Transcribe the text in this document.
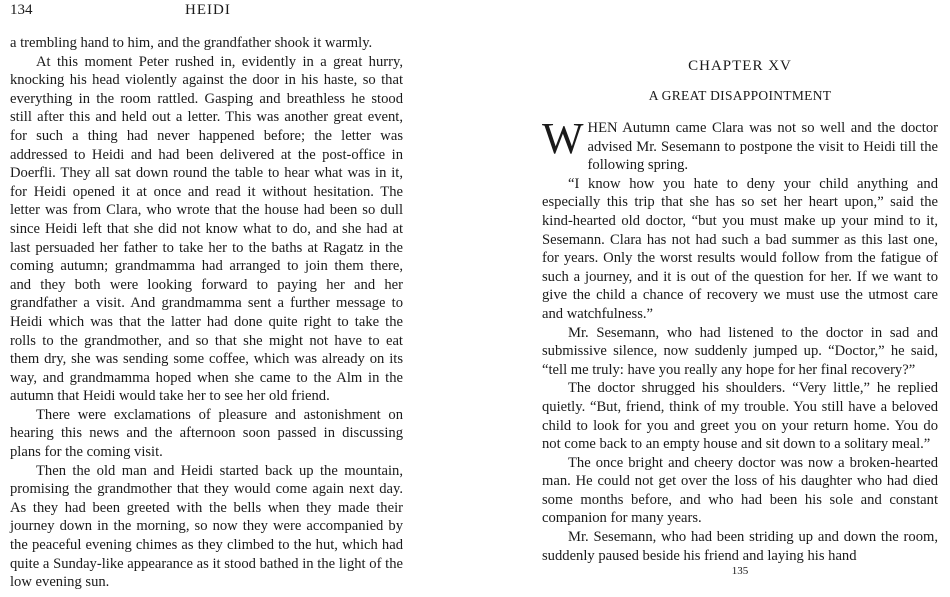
134	HEIDI

a trembling hand to him, and the grandfather shook it warmly.

At this moment Peter rushed in, evidently in a great hurry, knocking his head violently against the door in his haste, so that everything in the room rattled. Gasping and breathless he stood still after this and held out a letter. This was another great event, for such a thing had never happened before; the letter was addressed to Heidi and had been delivered at the post-office in Doerfli. They all sat down round the table to hear what was in it, for Heidi opened it at once and read it without hesitation. The letter was from Clara, who wrote that the house had been so dull since Heidi left that she did not know what to do, and she had at last persuaded her father to take her to the baths at Ragatz in the coming autumn; grandmamma had arranged to join them there, and they both were looking forward to paying her and her grandfather a visit. And grandmamma sent a further message to Heidi which was that the latter had done quite right to take the rolls to the grandmother, and so that she might not have to eat them dry, she was sending some coffee, which was already on its way, and grandmamma hoped when she came to the Alm in the autumn that Heidi would take her to see her old friend.

There were exclamations of pleasure and astonishment on hearing this news and the afternoon soon passed in discussing plans for the coming visit.

Then the old man and Heidi started back up the mountain, promising the grandmother that they would come again next day. As they had been greeted with the bells when they made their journey down in the morning, so now they were accompanied by the peaceful evening chimes as they climbed to the hut, which had quite a Sunday-like appearance as it stood bathed in the light of the low evening sun.

CHAPTER XV
A GREAT DISAPPOINTMENT

WHEN Autumn came Clara was not so well and the doctor advised Mr. Sesemann to postpone the visit to Heidi till the following spring.

“I know how you hate to deny your child anything and especially this trip that she has so set her heart upon,” said the kind-hearted old doctor, “but you must make up your mind to it, Sesemann. Clara has not had such a bad summer as this last one, for years. Only the worst results would follow from the fatigue of such a journey, and it is out of the question for her. If we want to give the child a chance of recovery we must use the utmost care and watchfulness.”

Mr. Sesemann, who had listened to the doctor in sad and submissive silence, now suddenly jumped up. “Doctor,” he said, “tell me truly: have you really any hope for her final recovery?”

The doctor shrugged his shoulders. “Very little,” he replied quietly. “But, friend, think of my trouble. You still have a beloved child to look for you and greet you on your return home. You do not come back to an empty house and sit down to a solitary meal.”

The once bright and cheery doctor was now a broken-hearted man. He could not get over the loss of his daughter who had died some months before, and who had been his sole and constant companion for many years.

Mr. Sesemann, who had been striding up and down the room, suddenly paused beside his friend and laying his hand

135
